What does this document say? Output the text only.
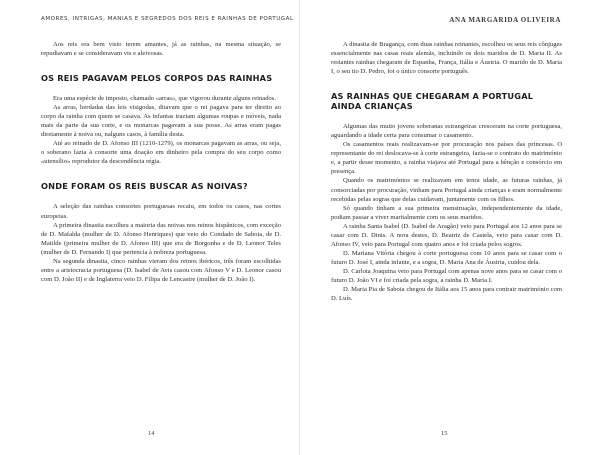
AMORES, INTRIGAS, MANIAS E SEGREDOS DOS REIS E RAINHAS DE PORTUGAL

Aos reis era bem visto terem amantes, já as rainhas, na mesma situação, se repudiavam e se consideravam vis e aleivosas.

OS REIS PAGAVAM PELOS CORPOS DAS RAINHAS

Era uma espécie de imposto, chamado «arras», que vigorou durante alguns reinados.

As arras, herdadas das leis visigodas, ditavam que o rei pagava para ter direito ao corpo da rainha com quem se casava. As infantas traziam algumas roupas e móveis, nada mais da parte da sua corte, e os monarcas pagavam a sua posse. As arras eram pagas diretamente à noiva ou, nalguns casos, à família desta.

Até ao reinado de D. Afonso III (1210-1279), os monarcas pagavam as arras, ou seja, o soberano fazia à consorte uma doação em dinheiro pela compra do seu corpo como «utensílio» reprodutor da descendência régia.

ONDE FORAM OS REIS BUSCAR AS NOIVAS?

A seleção das rainhas consortes portuguesas recaiu, em todos os casos, nas cortes europeias.

A primeira dinastia escolheu a maioria das noivas nos reinos hispânicos, com exceção de D. Mafalda (mulher de D. Afonso Henriques) que veio do Condado de Saboia, de D. Matilde (primeira mulher de D. Afonso III) que era de Borgonha e de D. Leonor Teles (mulher de D. Fernando I) que pertencia à nobreza portuguesa.

Na segunda dinastia, cinco rainhas vieram dos reinos ibéricos, três foram escolhidas entre a aristocracia portuguesa (D. Isabel de Avis casou com Afonso V e D. Leonor casou com D. João II) e de Inglaterra veio D. Filipa de Lencastre (mulher de D. João I).

14
ANA MARGARIDA OLIVEIRA

A dinastia de Bragança, com duas rainhas reinantes, escolheu os seus reis cônjuges essencialmente nas casas reais alemãs, incluindo os dois maridos de D. Maria II. As restantes rainhas chegaram de Espanha, França, Itália e Áustria. O marido de D. Maria I, o seu tio D. Pedro, foi o único consorte português.

AS RAINHAS QUE CHEGARAM A PORTUGAL AINDA CRIANÇAS

Algumas das muito jovens soberanas estrangeiras cresceram na corte portuguesa, aguardando a idade certa para consumar o casamento.

Os casamentos reais realizavam-se por procuração nos países das princesas. O representante do rei deslocava-se à corte estrangeira, fazia-se o contrato do matrimónio e, a partir desse momento, a rainha viajava até Portugal para a bênção e consórcio em presença.

Quando os matrimónios se realizavam em tenra idade, as futuras rainhas, já consorciadas por procuração, vinham para Portugal ainda crianças e eram normalmente recebidas pelas sogras que delas cuidavam, juntamente com os filhos.

Só quando tinham a sua primeira menstruação, independentemente da idade, podiam passar a viver maritalmente com os seus maridos.

A rainha Santa Isabel (D. Isabel de Aragão) veio para Portugal aos 12 anos para se casar com D. Dinis. A nora destes, D. Beatriz de Castela, veio para casar com D. Afonso IV, veio para Portugal com quatro anos e foi criada pelos sogros.

D. Mariana Vitória chegou à corte portuguesa com 10 anos para se casar com o futuro D. José I, ainda infante, e a sogra, D. Maria Ana de Áustria, cuidou dela.

D. Carlota Joaquina veio para Portugal com apenas nove anos para se casar com o futuro D. João VI e foi criada pela sogra, a rainha D. Maria I.

D. Maria Pia de Saboia chegou de Itália aos 15 anos para contrair matrimónio com D. Luís.

15
